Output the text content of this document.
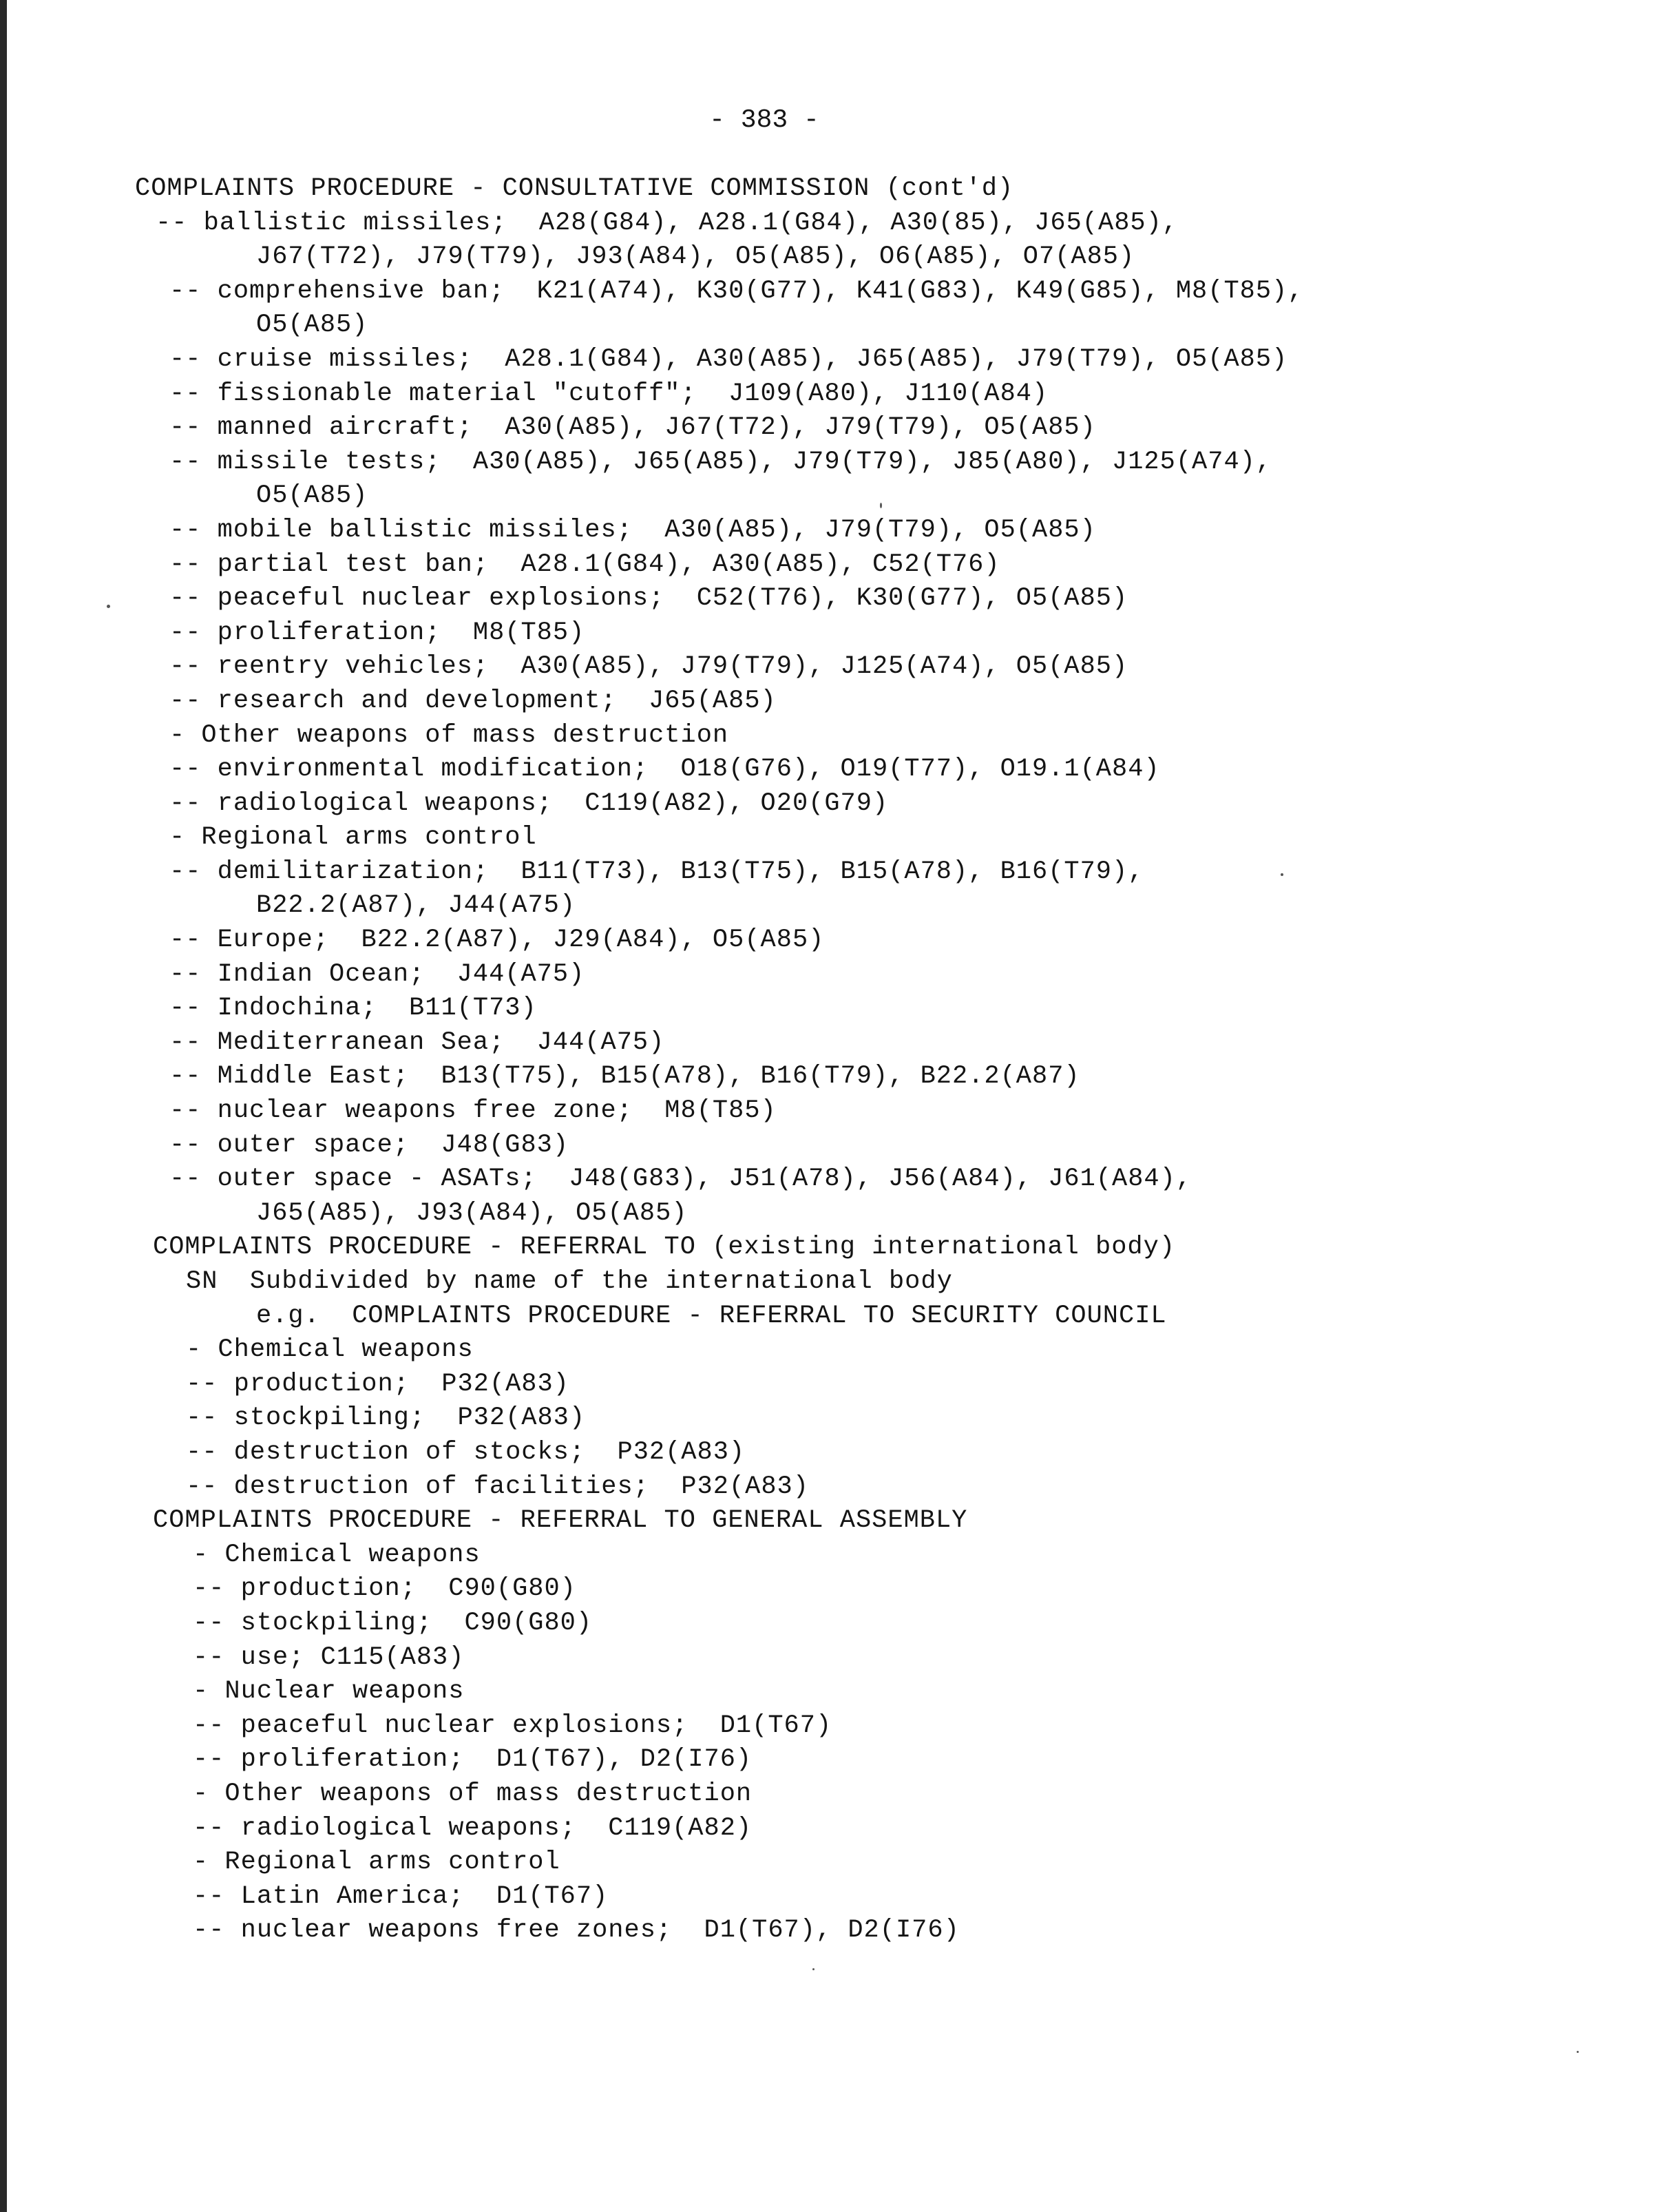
- 383 -
COMPLAINTS PROCEDURE - CONSULTATIVE COMMISSION (cont'd)
-- ballistic missiles;  A28(G84), A28.1(G84), A30(85), J65(A85),
J67(T72), J79(T79), J93(A84), O5(A85), O6(A85), O7(A85)
-- comprehensive ban;  K21(A74), K30(G77), K41(G83), K49(G85), M8(T85),
O5(A85)
-- cruise missiles;  A28.1(G84), A30(A85), J65(A85), J79(T79), O5(A85)
-- fissionable material "cutoff";  J109(A80), J110(A84)
-- manned aircraft;  A30(A85), J67(T72), J79(T79), O5(A85)
-- missile tests;  A30(A85), J65(A85), J79(T79), J85(A80), J125(A74),
O5(A85)
-- mobile ballistic missiles;  A30(A85), J79(T79), O5(A85)
-- partial test ban;  A28.1(G84), A30(A85), C52(T76)
-- peaceful nuclear explosions;  C52(T76), K30(G77), O5(A85)
-- proliferation;  M8(T85)
-- reentry vehicles;  A30(A85), J79(T79), J125(A74), O5(A85)
-- research and development;  J65(A85)
- Other weapons of mass destruction
-- environmental modification;  O18(G76), O19(T77), O19.1(A84)
-- radiological weapons;  C119(A82), O20(G79)
- Regional arms control
-- demilitarization;  B11(T73), B13(T75), B15(A78), B16(T79),
B22.2(A87), J44(A75)
-- Europe;  B22.2(A87), J29(A84), O5(A85)
-- Indian Ocean;  J44(A75)
-- Indochina;  B11(T73)
-- Mediterranean Sea;  J44(A75)
-- Middle East;  B13(T75), B15(A78), B16(T79), B22.2(A87)
-- nuclear weapons free zone;  M8(T85)
-- outer space;  J48(G83)
-- outer space - ASATs;  J48(G83), J51(A78), J56(A84), J61(A84),
J65(A85), J93(A84), O5(A85)
COMPLAINTS PROCEDURE - REFERRAL TO (existing international body)
SN  Subdivided by name of the international body
e.g.  COMPLAINTS PROCEDURE - REFERRAL TO SECURITY COUNCIL
- Chemical weapons
-- production;  P32(A83)
-- stockpiling;  P32(A83)
-- destruction of stocks;  P32(A83)
-- destruction of facilities;  P32(A83)
COMPLAINTS PROCEDURE - REFERRAL TO GENERAL ASSEMBLY
- Chemical weapons
-- production;  C90(G80)
-- stockpiling;  C90(G80)
-- use; C115(A83)
- Nuclear weapons
-- peaceful nuclear explosions;  D1(T67)
-- proliferation;  D1(T67), D2(I76)
- Other weapons of mass destruction
-- radiological weapons;  C119(A82)
- Regional arms control
-- Latin America;  D1(T67)
-- nuclear weapons free zones;  D1(T67), D2(I76)
